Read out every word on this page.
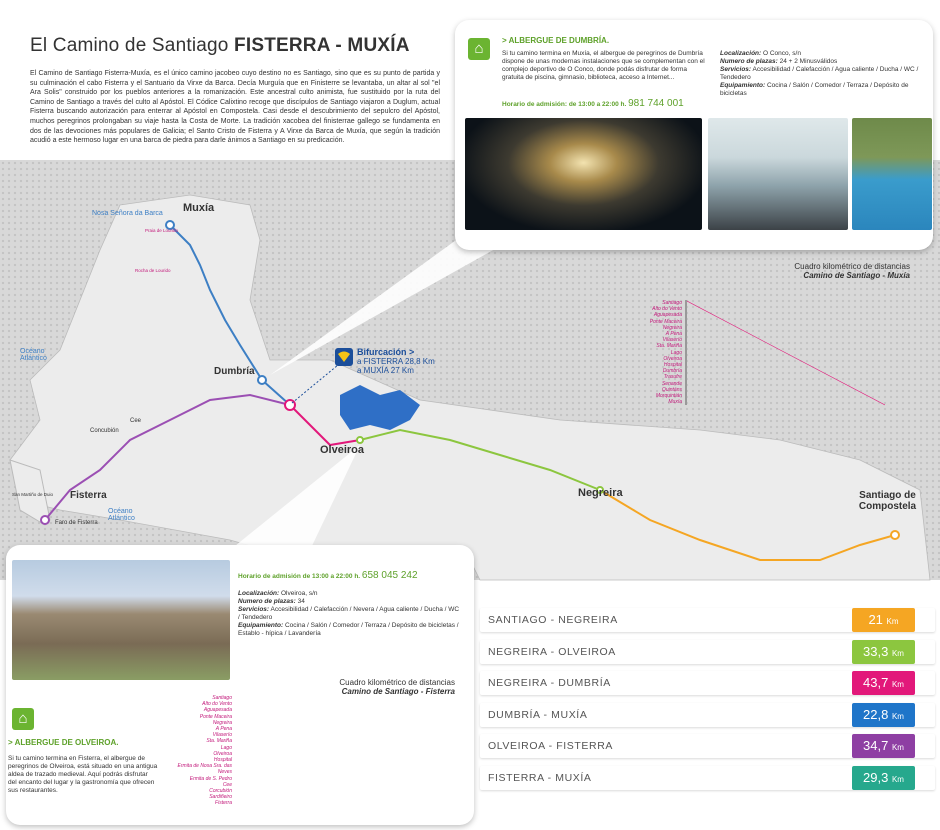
El Camino de Santiago FISTERRA - MUXÍA

El Camino de Santiago Fisterra-Muxía, es el único camino jacobeo cuyo destino no es Santiago, sino que es su punto de partida y su culminación el cabo Fisterra y el Santuario da Virxe da Barca. Decía Murguía que en Finisterre se levantaba, un altar al sol "el Ara Solis" construido por los pueblos anteriores a la romanización. Este ancestral culto animista, fue sustituido por la ruta del Camino de Santiago a través del culto al Apóstol. El Códice Calixtino recoge que discípulos de Santiago viajaron a Duglum, actual Fisterra buscando autorización para enterrar al Apóstol en Compostela. Casi desde el descubrimiento del sepulcro del Apóstol, muchos peregrinos prolongaban su viaje hasta la Costa de Morte. La tradición xacobea del finisterrae gallego se fundamenta en dos de las devociones más populares de Galicia; el Santo Cristo de Fisterra y A Virxe da Barca de Muxía, que según la tradición acudió a este hermoso lugar en una barca de piedra para darle ánimos a Santiago en su predicación.

⌂	> ALBERGUE DE DUMBRÍA.
Si tu camino termina en Muxía, el albergue de peregrinos de Dumbría dispone de unas modernas instalaciones que se complementan con el complejo deportivo de O Conco, donde podás disfrutar de forma gratuita de piscina, gimnasio, biblioteca, acceso a Internet...
Horario de admisión: de 13:00 a 22:00 h. 981 744 001
Localización: O Conco, s/n
Numero de plazas: 24 + 2 Minusválidos
Servicios: Accesibilidad / Calefacción / Agua caliente / Ducha / WC / Tendedero
Equipamiento: Cocina / Salón / Comedor / Terraza / Depósito de bicicletas
Cuadro kilométrico de distancias
Camino de Santiago - Muxía
Santiago
Alto do Vento
Aguapesada
Ponte Maceira
Negreira
A Pena
Vilaserío
Sta. Mariña
Lago
Olveiroa
Hospital
Dumbría
Trasufre
Senande
Quintáns
Morquintián
Muxía
⌂
> ALBERGUE DE OLVEIROA.
Si tu camino termina en Fisterra, el albergue de peregrinos de Olveiroa, está situado en una antigua aldea de trazado medieval. Aquí podrás disfrutar del encanto del lugar y la gastronomía que ofrecen sus restaurantes.
Horario de admisión de 13:00 a 22:00 h. 658 045 242
Localización: Olveiroa, s/n
Numero de plazas: 34
Servicios: Accesibilidad / Calefacción / Nevera / Agua caliente / Ducha / WC / Tendedero
Equipamiento: Cocina / Salón / Comedor / Terraza / Depósito de bicicletas / Establo - hípica / Lavandería
Cuadro kilométrico de distancias
Camino de Santiago - Fisterra
Santiago
Alto do Vento
Aguapesada
Ponte Maceira
Negreira
A Pena
Vilaserío
Sta. Mariña
Lago
Olveiroa
Hospital
Ermita de Nosa Sra. das Neves
Ermita de S. Pedro
Cee
Corcubión
Sardiñeiro
Fisterra
Muxía
Nosa Señora da Barca
Dumbría
Olveiroa
Negreira	Santiago de Compostela
Fisterra
Océano Atlántico
Océano Atlántico
Faro de Fisterra
San Martiño de Duio
Praia de Lourido
Rocha de Lourido
Cee
Concubión
Bifurcación >
a FISTERRA 28,8 Km
a MUXÍA 27 Km
SANTIAGO - NEGREIRA	21 Km
NEGREIRA - OLVEIROA	33,3 Km
NEGREIRA - DUMBRÍA	43,7 Km
DUMBRÍA - MUXÍA	22,8 Km
OLVEIROA - FISTERRA	34,7 Km
FISTERRA - MUXÍA	29,3 Km
